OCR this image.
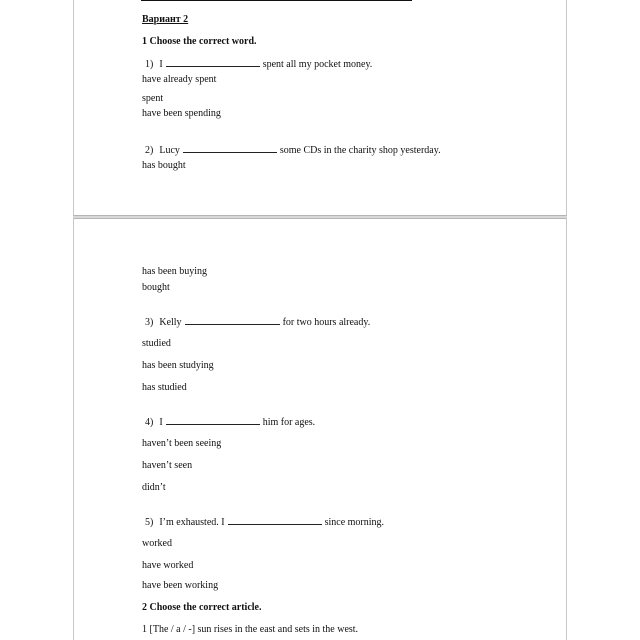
Вариант 2
1 Choose the correct word.
1) I	spent all my pocket money.
have already spent
spent
have been spending
2) Lucy	some CDs in the charity shop yesterday.
has bought
has been buying
bought
3) Kelly	for two hours already.
studied
has been studying
has studied
4) I	him for ages.
haven’t been seeing
haven’t seen
didn’t
5) I’m exhausted. I	since morning.
worked
have worked
have been working
2 Choose the correct article.
1 [The / a / -] sun rises in the east and sets in the west.
